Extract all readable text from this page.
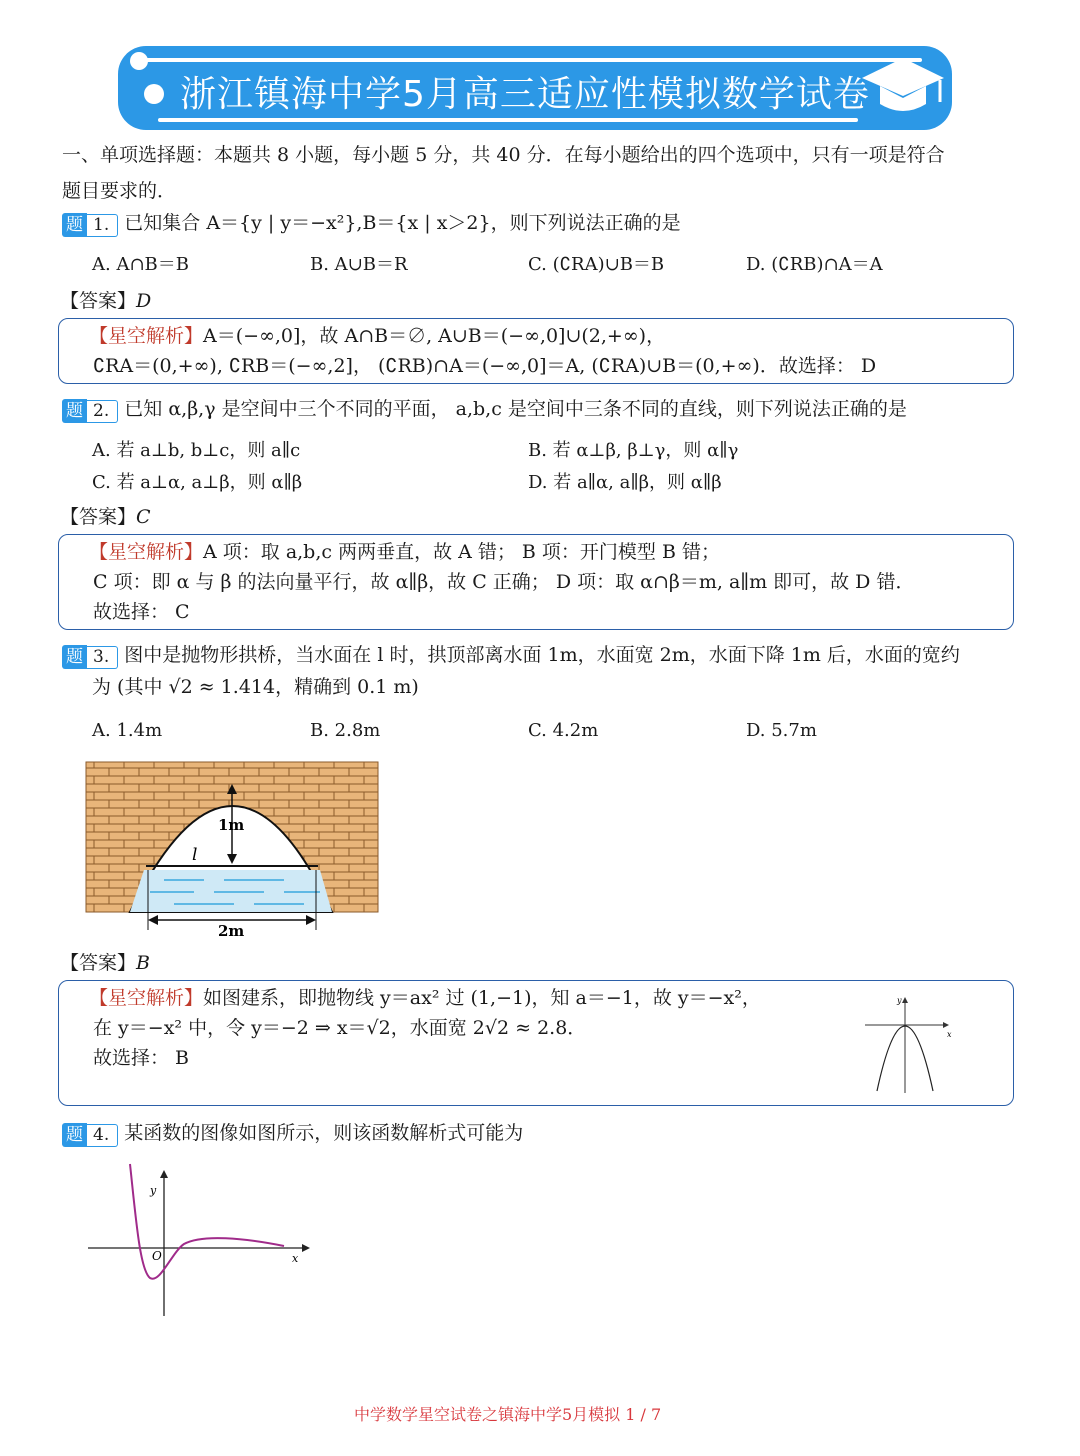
浙江镇海中学5月高三适应性模拟数学试卷
一、单项选择题：本题共 8 小题，每小题 5 分，共 40 分．在每小题给出的四个选项中，只有一项是符合
题目要求的．
题 1. 已知集合 A＝{y | y＝−x²},B＝{x | x＞2}，则下列说法正确的是
A. A∩B＝B	B. A∪B＝R	C. (∁RA)∪B＝B	D. (∁RB)∩A＝A
【答案】D
【星空解析】A＝(−∞,0]，故 A∩B＝∅, A∪B＝(−∞,0]∪(2,+∞)，
∁RA＝(0,+∞), ∁RB＝(−∞,2]， (∁RB)∩A＝(−∞,0]＝A, (∁RA)∪B＝(0,+∞)．故选择： D
题 2. 已知 α,β,γ 是空间中三个不同的平面， a,b,c 是空间中三条不同的直线，则下列说法正确的是
A. 若 a⊥b, b⊥c，则 a∥c	B. 若 α⊥β, β⊥γ，则 α∥γ
C. 若 a⊥α, a⊥β，则 α∥β	D. 若 a∥α, a∥β，则 α∥β
【答案】C
【星空解析】A 项：取 a,b,c 两两垂直，故 A 错； B 项：开门模型 B 错；
C 项：即 α 与 β 的法向量平行，故 α∥β，故 C 正确； D 项：取 α∩β＝m, a∥m 即可，故 D 错．
故选择： C
题 3. 图中是抛物形拱桥，当水面在 l 时，拱顶部离水面 1m，水面宽 2m，水面下降 1m 后，水面的宽约
为 (其中 √2 ≈ 1.414，精确到 0.1 m)
A. 1.4m	B. 2.8m	C. 4.2m	D. 5.7m
1m
l
2m
【答案】B
【星空解析】如图建系，即抛物线 y＝ax² 过 (1,−1)，知 a＝−1，故 y＝−x²，
在 y＝−x² 中，令 y＝−2 ⇒ x＝√2，水面宽 2√2 ≈ 2.8．
故选择： B
y
x
题 4. 某函数的图像如图所示，则该函数解析式可能为
y
x
O
中学数学星空试卷之镇海中学5月模拟 1 / 7
